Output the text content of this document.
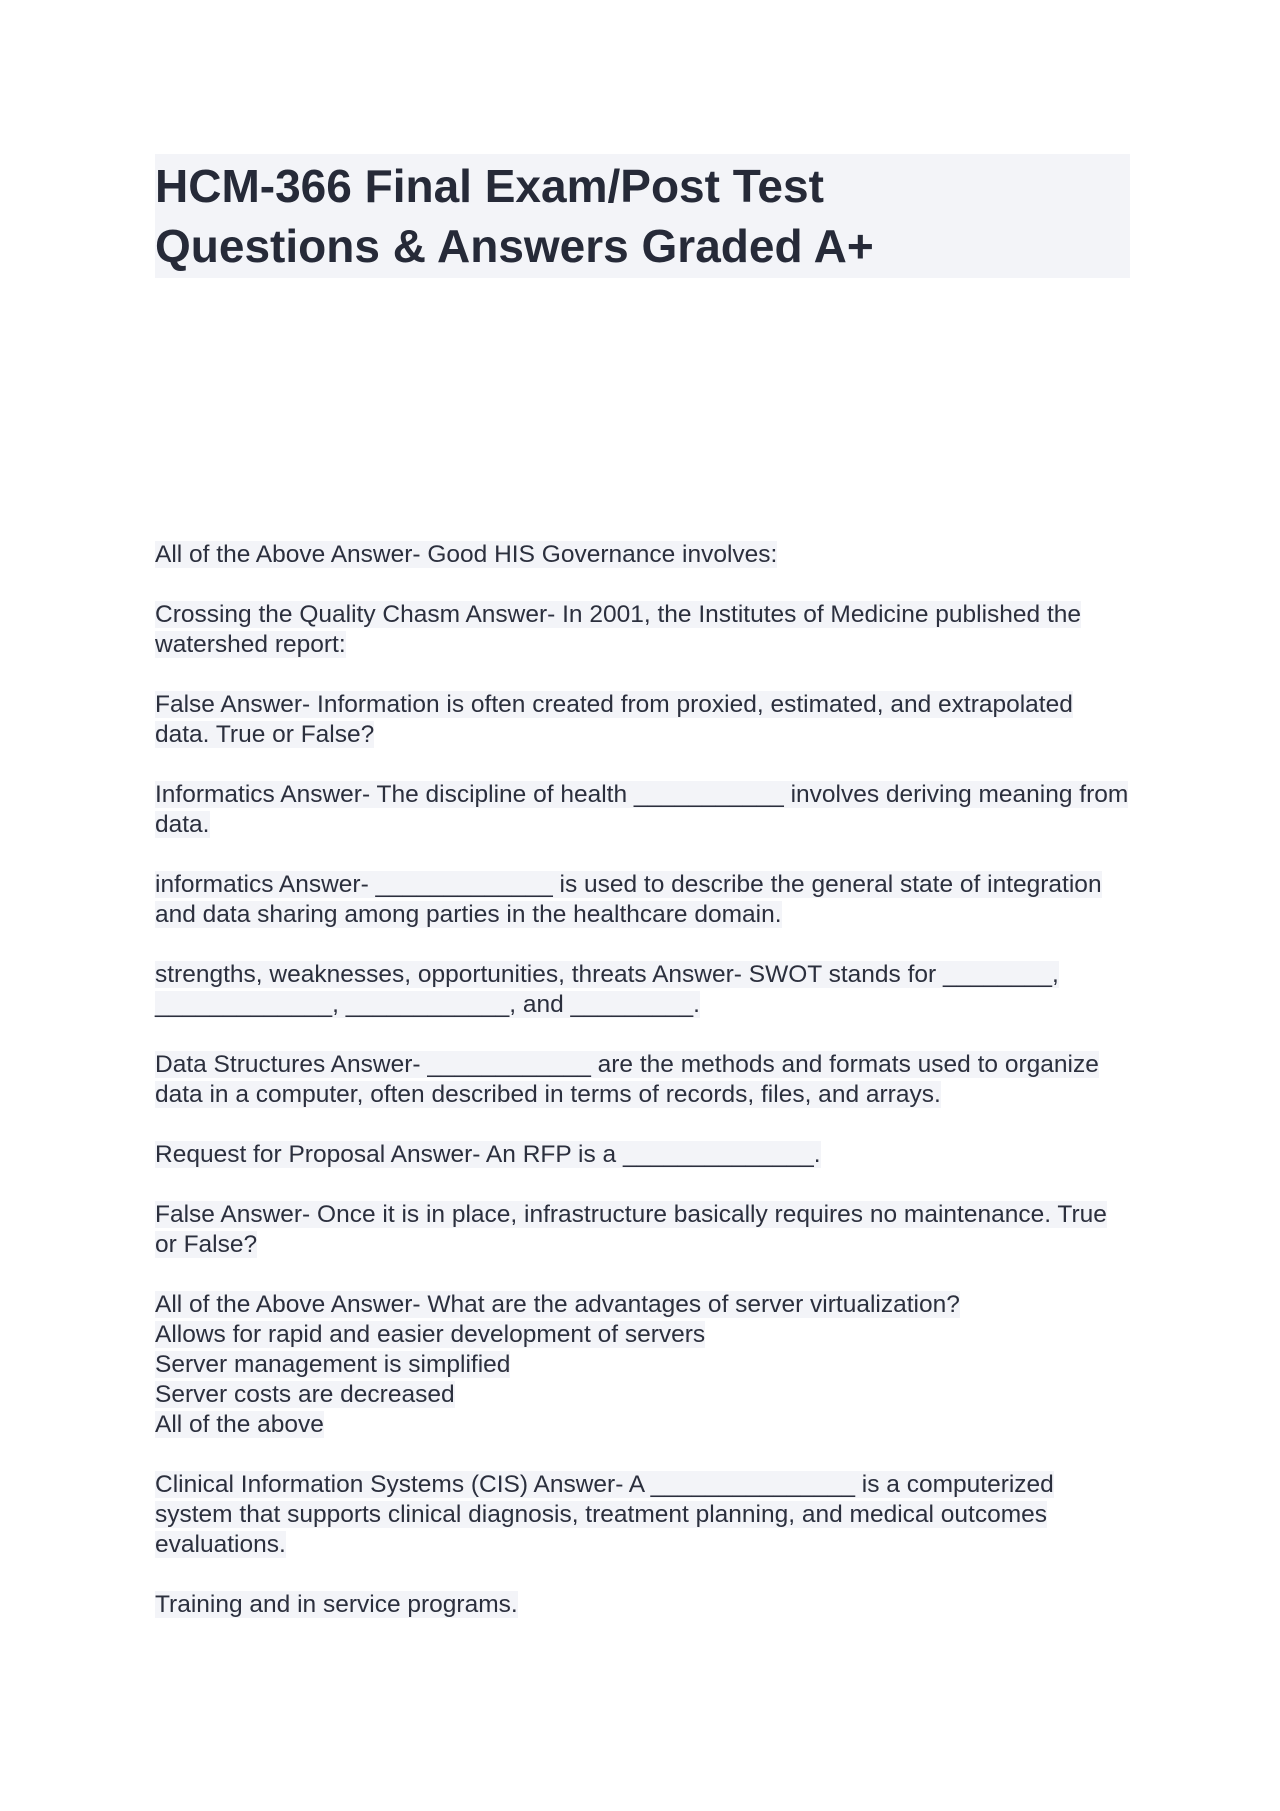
HCM-366 Final Exam/Post Test
Questions & Answers Graded A+

All of the Above Answer- Good HIS Governance involves:

Crossing the Quality Chasm Answer- In 2001, the Institutes of Medicine published the watershed report:

False Answer- Information is often created from proxied, estimated, and extrapolated data. True or False?

Informatics Answer- The discipline of health ___________ involves deriving meaning from data.

informatics Answer- _____________ is used to describe the general state of integration and data sharing among parties in the healthcare domain.

strengths, weaknesses, opportunities, threats Answer- SWOT stands for ________, _____________, ____________, and _________.

Data Structures Answer- ____________ are the methods and formats used to organize data in a computer, often described in terms of records, files, and arrays.

Request for Proposal Answer- An RFP is a ______________.

False Answer- Once it is in place, infrastructure basically requires no maintenance. True or False?

All of the Above Answer- What are the advantages of server virtualization?
Allows for rapid and easier development of servers
Server management is simplified
Server costs are decreased
All of the above

Clinical Information Systems (CIS) Answer- A _______________ is a computerized system that supports clinical diagnosis, treatment planning, and medical outcomes evaluations.

Training and in service programs.
